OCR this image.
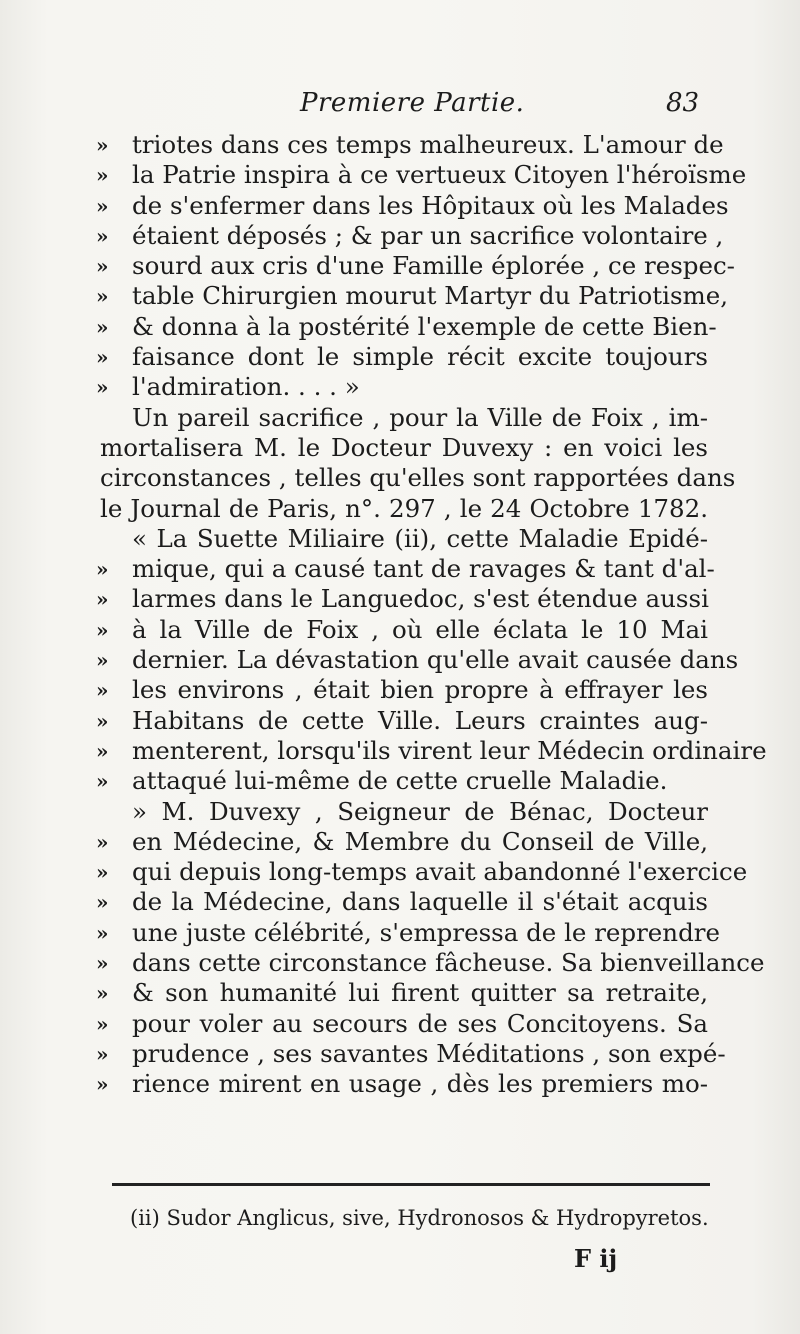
Premiere Partie.	83
» triotes dans ces temps malheureux. L'amour de
» la Patrie inspira à ce vertueux Citoyen l'héroïsme
» de s'enfermer dans les Hôpitaux où les Malades
» étaient déposés ; & par un sacrifice volontaire ,
» sourd aux cris d'une Famille éplorée , ce respec-
» table Chirurgien mourut Martyr du Patriotisme,
» & donna à la postérité l'exemple de cette Bien-
» faisance dont le simple récit excite toujours
» l'admiration. . . . »
Un pareil sacrifice , pour la Ville de Foix , im-
mortalisera M. le Docteur Duvexy : en voici les
circonstances , telles qu'elles sont rapportées dans
le Journal de Paris, n°. 297 , le 24 Octobre 1782.
« La Suette Miliaire (ii), cette Maladie Epidé-
» mique, qui a causé tant de ravages & tant d'al-
» larmes dans le Languedoc, s'est étendue aussi
» à la Ville de Foix , où elle éclata le 10 Mai
» dernier. La dévastation qu'elle avait causée dans
» les environs , était bien propre à effrayer les
» Habitans de cette Ville. Leurs craintes aug-
» menterent, lorsqu'ils virent leur Médecin ordinaire
» attaqué lui-même de cette cruelle Maladie.
» M. Duvexy , Seigneur de Bénac, Docteur
» en Médecine, & Membre du Conseil de Ville,
» qui depuis long-temps avait abandonné l'exercice
» de la Médecine, dans laquelle il s'était acquis
» une juste célébrité, s'empressa de le reprendre
» dans cette circonstance fâcheuse. Sa bienveillance
» & son humanité lui firent quitter sa retraite,
» pour voler au secours de ses Concitoyens. Sa
» prudence , ses savantes Méditations , son expé-
» rience mirent en usage , dès les premiers mo-
(ii) Sudor Anglicus, sive, Hydronosos & Hydropyretos.
F ij
